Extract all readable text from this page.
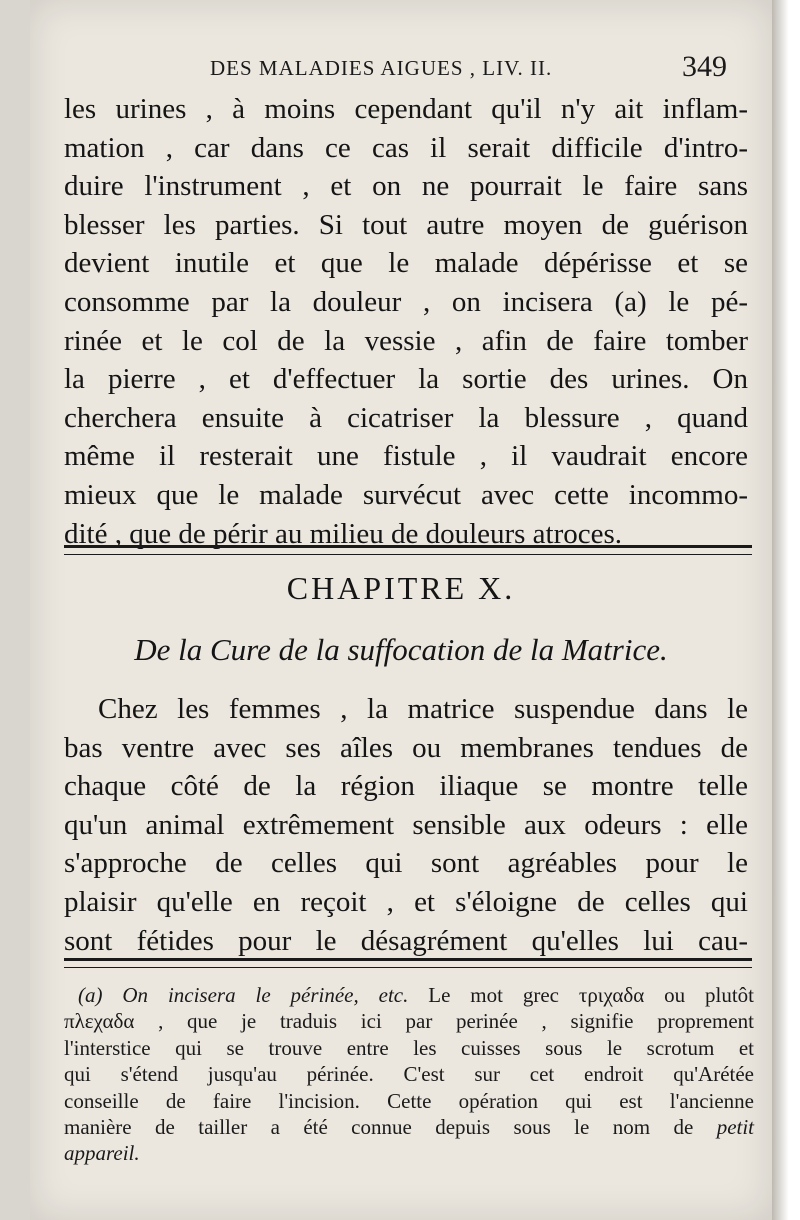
DES MALADIES AIGUES , LIV. II.	349
les urines , à moins cependant qu'il n'y ait inflam-
mation , car dans ce cas il serait difficile d'intro-
duire l'instrument , et on ne pourrait le faire sans
blesser les parties. Si tout autre moyen de guérison
devient inutile et que le malade dépérisse et se
consomme par la douleur , on incisera (a) le pé-
rinée et le col de la vessie , afin de faire tomber
la pierre , et d'effectuer la sortie des urines. On
cherchera ensuite à cicatriser la blessure , quand
même il resterait une fistule , il vaudrait encore
mieux que le malade survécut avec cette incommo-
dité , que de périr au milieu de douleurs atroces.
CHAPITRE X.
De la Cure de la suffocation de la Matrice.
Chez les femmes , la matrice suspendue dans le
bas ventre avec ses aîles ou membranes tendues de
chaque côté de la région iliaque se montre telle
qu'un animal extrêmement sensible aux odeurs : elle
s'approche de celles qui sont agréables pour le
plaisir qu'elle en reçoit , et s'éloigne de celles qui
sont fétides pour le désagrément qu'elles lui cau-
(a) On incisera le périnée, etc. Le mot grec τριχαδα ou plutôt
πλεχαδα , que je traduis ici par perinée , signifie proprement
l'interstice qui se trouve entre les cuisses sous le scrotum et
qui s'étend jusqu'au périnée. C'est sur cet endroit qu'Arétée
conseille de faire l'incision. Cette opération qui est l'ancienne
manière de tailler a été connue depuis sous le nom de petit
appareil.
